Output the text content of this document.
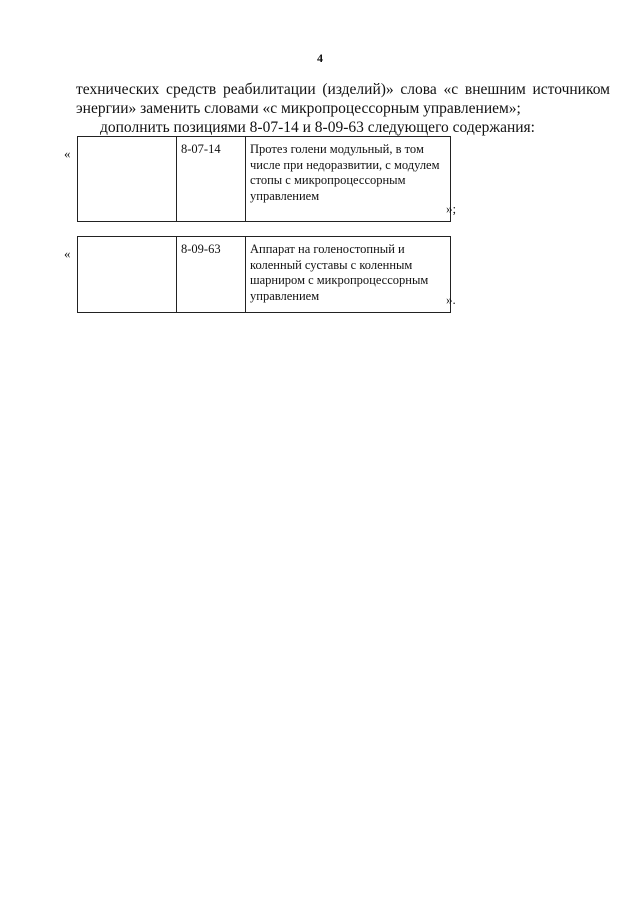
4

технических средств реабилитации (изделий)» слова «с внешним источником энергии» заменить словами «с микропроцессорным управлением»;

дополнить позициями 8-07-14 и 8-09-63 следующего содержания:

«
		8-07-14	Протез голени модульный, в том числе при недоразвитии, с модулем стопы с микропроцессорным управлением
»;
«
		8-09-63	Аппарат на голеностопный и коленный суставы с коленным шарниром с микропроцессорным управлением	».
